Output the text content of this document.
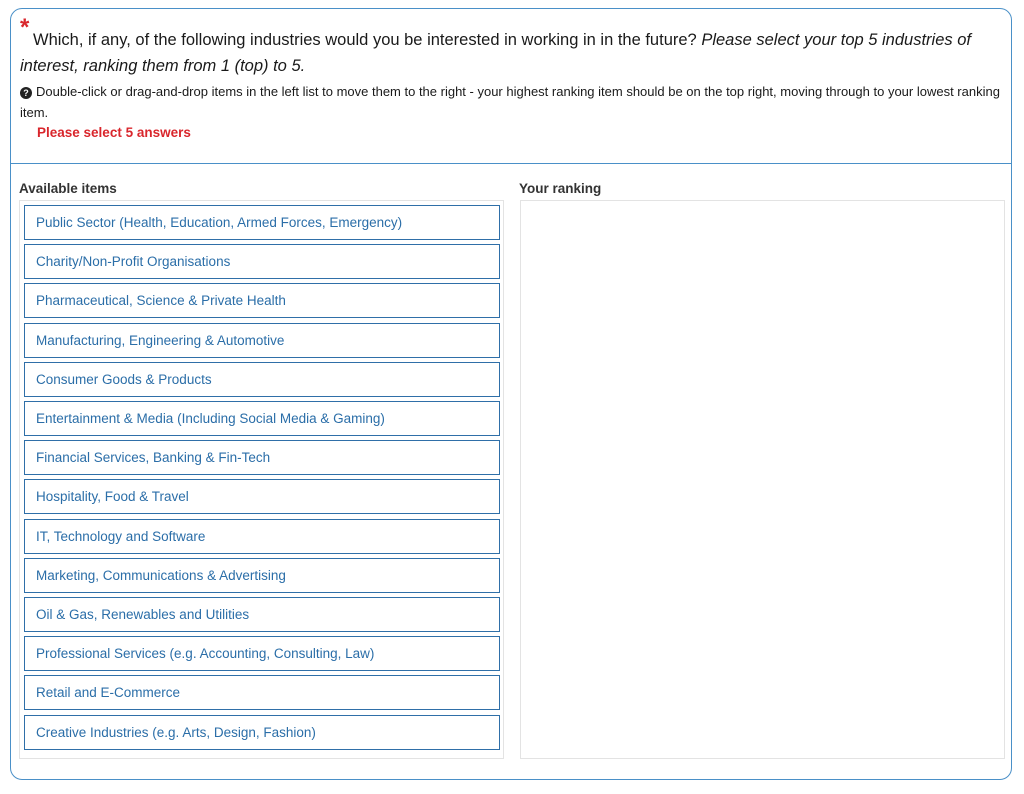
* Which, if any, of the following industries would you be interested in working in in the future? Please select your top 5 industries of interest, ranking them from 1 (top) to 5.
? Double-click or drag-and-drop items in the left list to move them to the right - your highest ranking item should be on the top right, moving through to your lowest ranking item.
Please select 5 answers
Available items	Your ranking
Public Sector (Health, Education, Armed Forces, Emergency)
Charity/Non-Profit Organisations
Pharmaceutical, Science & Private Health
Manufacturing, Engineering & Automotive
Consumer Goods & Products
Entertainment & Media (Including Social Media & Gaming)
Financial Services, Banking & Fin-Tech
Hospitality, Food & Travel
IT, Technology and Software
Marketing, Communications & Advertising
Oil & Gas, Renewables and Utilities
Professional Services (e.g. Accounting, Consulting, Law)
Retail and E-Commerce
Creative Industries (e.g. Arts, Design, Fashion)
